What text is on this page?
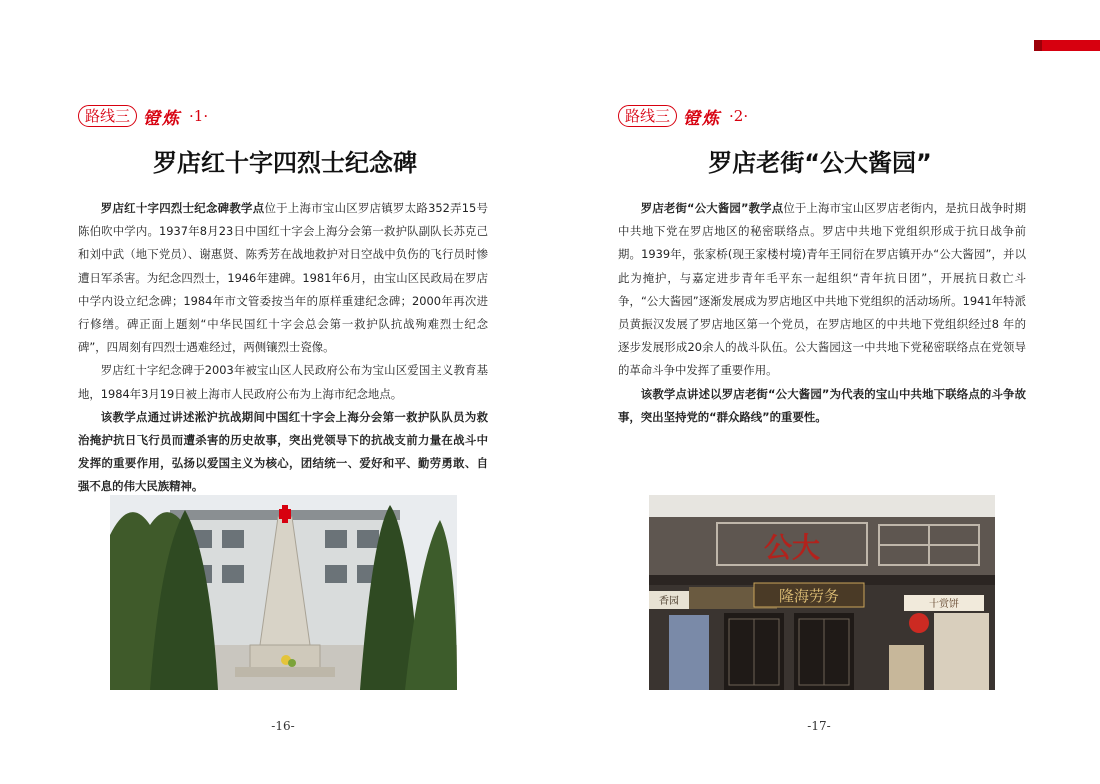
路线三 镫炼 ·1·
罗店红十字四烈士纪念碑

罗店红十字四烈士纪念碑教学点位于上海市宝山区罗店镇罗太路352弄15号陈伯吹中学内。1937年8月23日中国红十字会上海分会第一救护队副队长苏克己和刘中武（地下党员）、谢惠贤、陈秀芳在战地救护对日空战中负伤的飞行员时惨遭日军杀害。为纪念四烈士，1946年建碑。1981年6月，由宝山区民政局在罗店中学内设立纪念碑；1984年市文管委按当年的原样重建纪念碑；2000年再次进行修缮。碑正面上题刻“中华民国红十字会总会第一救护队抗战殉难烈士纪念碑”，四周刻有四烈士遇难经过，两侧镶烈士瓷像。

罗店红十字纪念碑于2003年被宝山区人民政府公布为宝山区爱国主义教育基地，1984年3月19日被上海市人民政府公布为上海市纪念地点。

该教学点通过讲述淞沪抗战期间中国红十字会上海分会第一救护队队员为救治掩护抗日飞行员而遭杀害的历史故事，突出党领导下的抗战支前力量在战斗中发挥的重要作用，弘扬以爱国主义为核心，团结统一、爱好和平、勤劳勇敢、自强不息的伟大民族精神。

-16-
路线三 镫炼 ·2·
罗店老街“公大酱园”

罗店老街“公大酱园”教学点位于上海市宝山区罗店老街内，是抗日战争时期中共地下党在罗店地区的秘密联络点。罗店中共地下党组织形成于抗日战争前期。1939年，张家桥(现王家楼村境)青年王同衍在罗店镇开办“公大酱园”，并以此为掩护，与嘉定进步青年毛平东一起组织“青年抗日团”，开展抗日救亡斗争，“公大酱园”逐渐发展成为罗店地区中共地下党组织的活动场所。1941年特派员黄振汉发展了罗店地区第一个党员，在罗店地区的中共地下党组织经过8 年的逐步发展形成20余人的战斗队伍。公大酱园这一中共地下党秘密联络点在党领导的革命斗争中发挥了重要作用。

该教学点讲述以罗店老街“公大酱园”为代表的宝山中共地下联络点的斗争故事，突出坚持党的“群众路线”的重要性。

公大
隆海劳务	十赏饼
香园
-17-
